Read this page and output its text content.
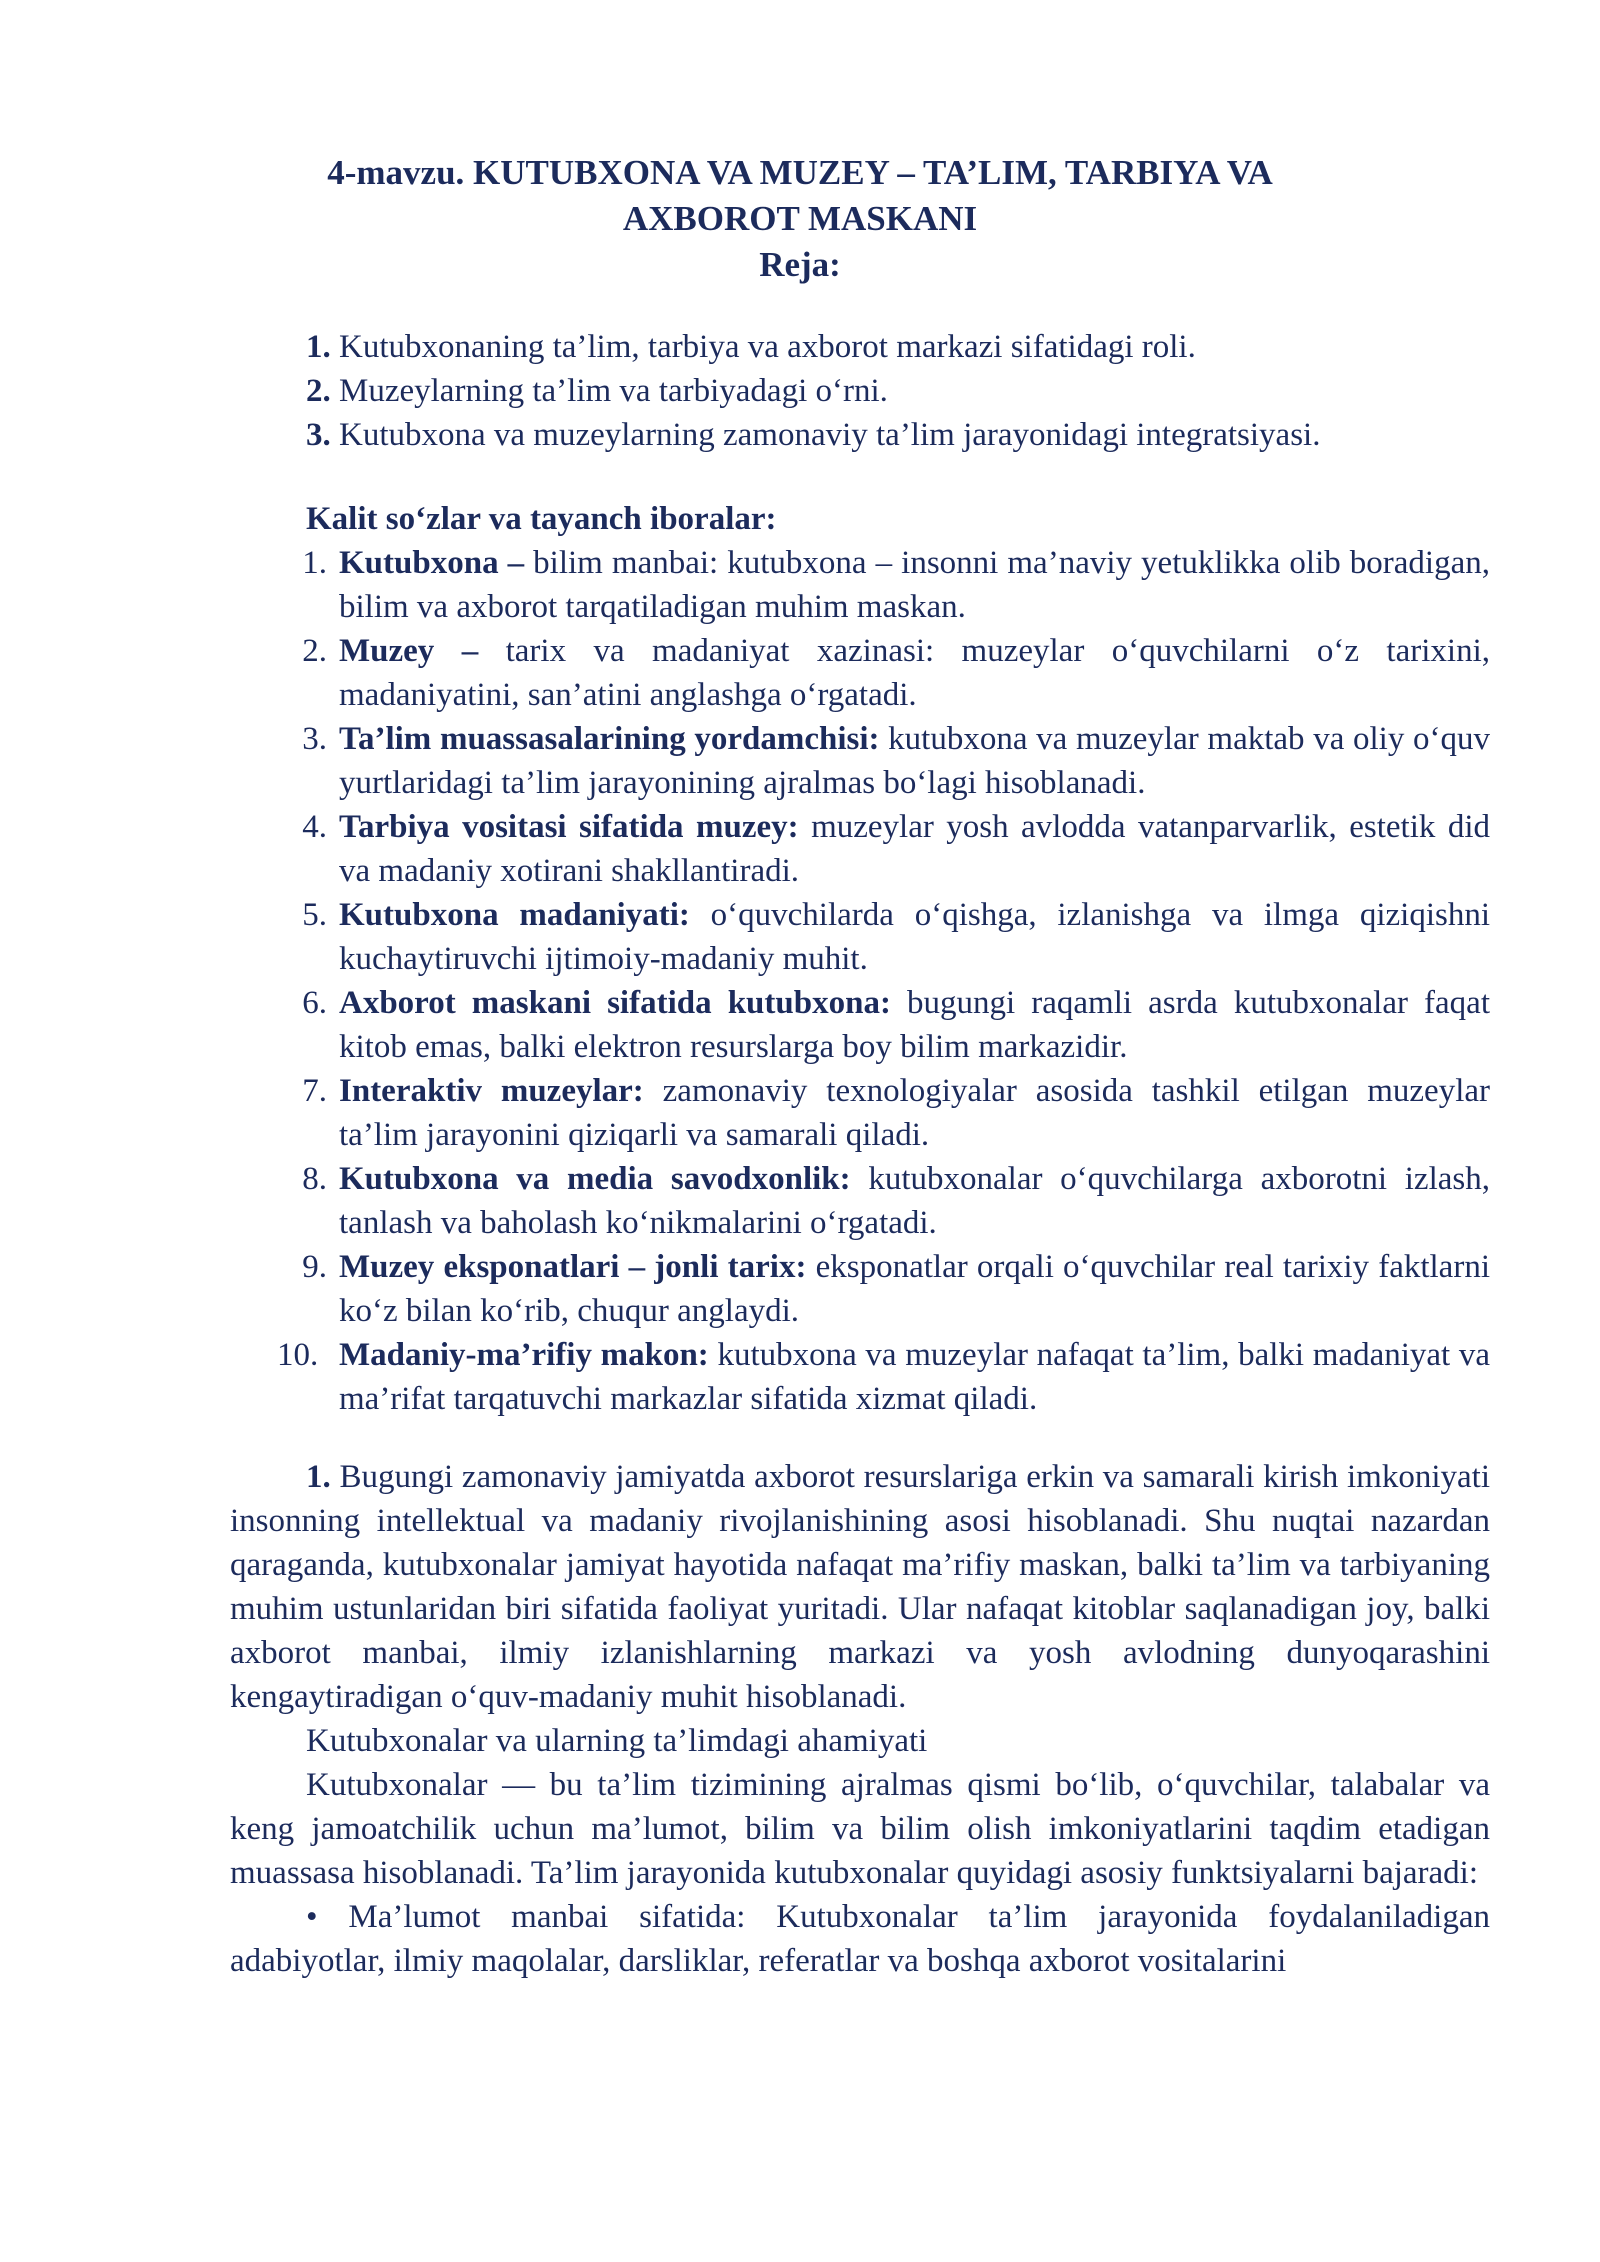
4-mavzu. KUTUBXONA VA MUZEY – TA’LIM, TARBIYA VA
AXBOROT MASKANI
Reja:
1. Kutubxonaning ta’lim, tarbiya va axborot markazi sifatidagi roli.
2. Muzeylarning ta’lim va tarbiyadagi o‘rni.
3. Kutubxona va muzeylarning zamonaviy ta’lim jarayonidagi integratsiyasi.
Kalit so‘zlar va tayanch iboralar:
1. Kutubxona – bilim manbai: kutubxona – insonni ma’naviy yetuklikka olib boradigan, bilim va axborot tarqatiladigan muhim maskan.
2. Muzey – tarix va madaniyat xazinasi: muzeylar o‘quvchilarni o‘z tarixini, madaniyatini, san’atini anglashga o‘rgatadi.
3. Ta’lim muassasalarining yordamchisi: kutubxona va muzeylar maktab va oliy o‘quv yurtlaridagi ta’lim jarayonining ajralmas bo‘lagi hisoblanadi.
4. Tarbiya vositasi sifatida muzey: muzeylar yosh avlodda vatanparvarlik, estetik did va madaniy xotirani shakllantiradi.
5. Kutubxona madaniyati: o‘quvchilarda o‘qishga, izlanishga va ilmga qiziqishni kuchaytiruvchi ijtimoiy-madaniy muhit.
6. Axborot maskani sifatida kutubxona: bugungi raqamli asrda kutubxonalar faqat kitob emas, balki elektron resurslarga boy bilim markazidir.
7. Interaktiv muzeylar: zamonaviy texnologiyalar asosida tashkil etilgan muzeylar ta’lim jarayonini qiziqarli va samarali qiladi.
8. Kutubxona va media savodxonlik: kutubxonalar o‘quvchilarga axborotni izlash, tanlash va baholash ko‘nikmalarini o‘rgatadi.
9. Muzey eksponatlari – jonli tarix: eksponatlar orqali o‘quvchilar real tarixiy faktlarni ko‘z bilan ko‘rib, chuqur anglaydi.
10. Madaniy-ma’rifiy makon: kutubxona va muzeylar nafaqat ta’lim, balki madaniyat va ma’rifat tarqatuvchi markazlar sifatida xizmat qiladi.

1. Bugungi zamonaviy jamiyatda axborot resurslariga erkin va samarali kirish imkoniyati insonning intellektual va madaniy rivojlanishining asosi hisoblanadi. Shu nuqtai nazardan qaraganda, kutubxonalar jamiyat hayotida nafaqat ma’rifiy maskan, balki ta’lim va tarbiyaning muhim ustunlaridan biri sifatida faoliyat yuritadi. Ular nafaqat kitoblar saqlanadigan joy, balki axborot manbai, ilmiy izlanishlarning markazi va yosh avlodning dunyoqarashini kengaytiradigan o‘quv-madaniy muhit hisoblanadi.

Kutubxonalar va ularning ta’limdagi ahamiyati

Kutubxonalar — bu ta’lim tizimining ajralmas qismi bo‘lib, o‘quvchilar, talabalar va keng jamoatchilik uchun ma’lumot, bilim va bilim olish imkoniyatlarini taqdim etadigan muassasa hisoblanadi. Ta’lim jarayonida kutubxonalar quyidagi asosiy funktsiyalarni bajaradi:

• Ma’lumot manbai sifatida: Kutubxonalar ta’lim jarayonida foydalaniladigan adabiyotlar, ilmiy maqolalar, darsliklar, referatlar va boshqa axborot vositalarini
